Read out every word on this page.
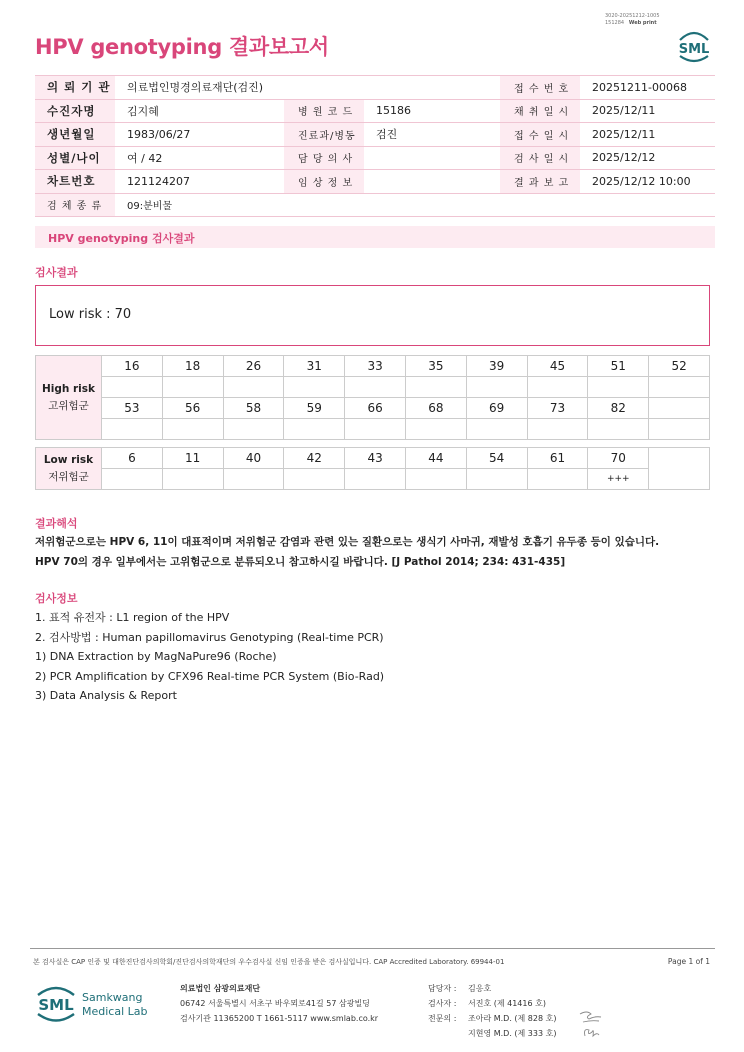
3020-20251212-1005
151284 Web print
HPV genotyping 결과보고서	SML
의 뢰 기 관	의료법인명경의료재단(검진)			접 수 번 호	20251211-00068
수진자명	김지혜	병 원 코 드	15186	채 취 일 시	2025/12/11
생년월일	1983/06/27	진료과/병동	검진	접 수 일 시	2025/12/11
성별/나이	여 / 42	담 당 의 사		검 사 일 시	2025/12/12
차트번호	121124207	임 상 정 보		결 과 보 고	2025/12/12 10:00
검 체 종 류	09:분비물				
HPV genotyping 검사결과
검사결과
Low risk : 70
High risk
고위험군	16	18	26	31	33	35	39	45	51	52

	53	56	58	59	66	68	69	73	82	

Low risk
저위험군	6	11	40	42	43	44	54	61	70	
									+++	
결과해석
저위험군으로는 HPV 6, 11이 대표적이며 저위험군 감염과 관련 있는 질환으로는 생식기 사마귀, 재발성 호흡기 유두종 등이 있습니다.
HPV 70의 경우 일부에서는 고위험군으로 분류되오니 참고하시길 바랍니다. [J Pathol 2014; 234: 431-435]
검사정보
1. 표적 유전자 : L1 region of the HPV
2. 검사방법 : Human papillomavirus Genotyping (Real-time PCR)
1) DNA Extraction by MagNaPure96 (Roche)
2) PCR Amplification by CFX96 Real-time PCR System (Bio-Rad)
3) Data Analysis & Report
본 검사실은 CAP 인증 및 대한진단검사의학회/진단검사의학재단의 우수검사실 신임 인증을 받은 검사실입니다. CAP Accredited Laboratory. 69944-01	Page 1 of 1
SML Samkwang
Medical Lab
의료법인 삼광의료재단
06742 서울특별시 서초구 바우뫼로41길 57 삼광빌딩
검사기관 11365200 T 1661-5117 www.smlab.co.kr
담당자 :	김응호
검사자 :	서진호 (제 41416 호)
전문의 :	조아라 M.D. (제 828 호)
지현영 M.D. (제 333 호)
